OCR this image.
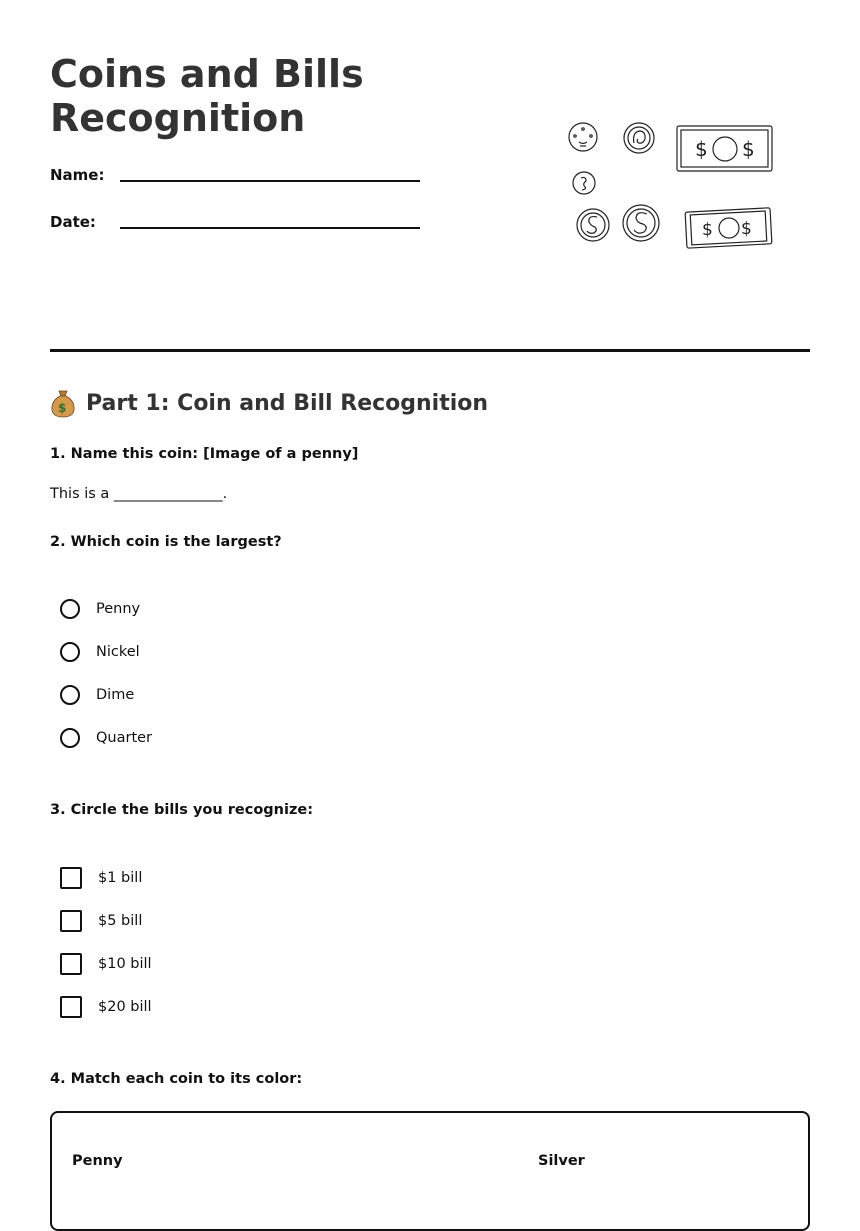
Coins and Bills Recognition
Name:
Date:
$ $
$ $
$ Part 1: Coin and Bill Recognition

1. Name this coin: [Image of a penny]

This is a _______________.

2. Which coin is the largest?

Penny
Nickel
Dime
Quarter

3. Circle the bills you recognize:

$1 bill
$5 bill
$10 bill
$20 bill

4. Match each coin to its color:

Penny	Silver
